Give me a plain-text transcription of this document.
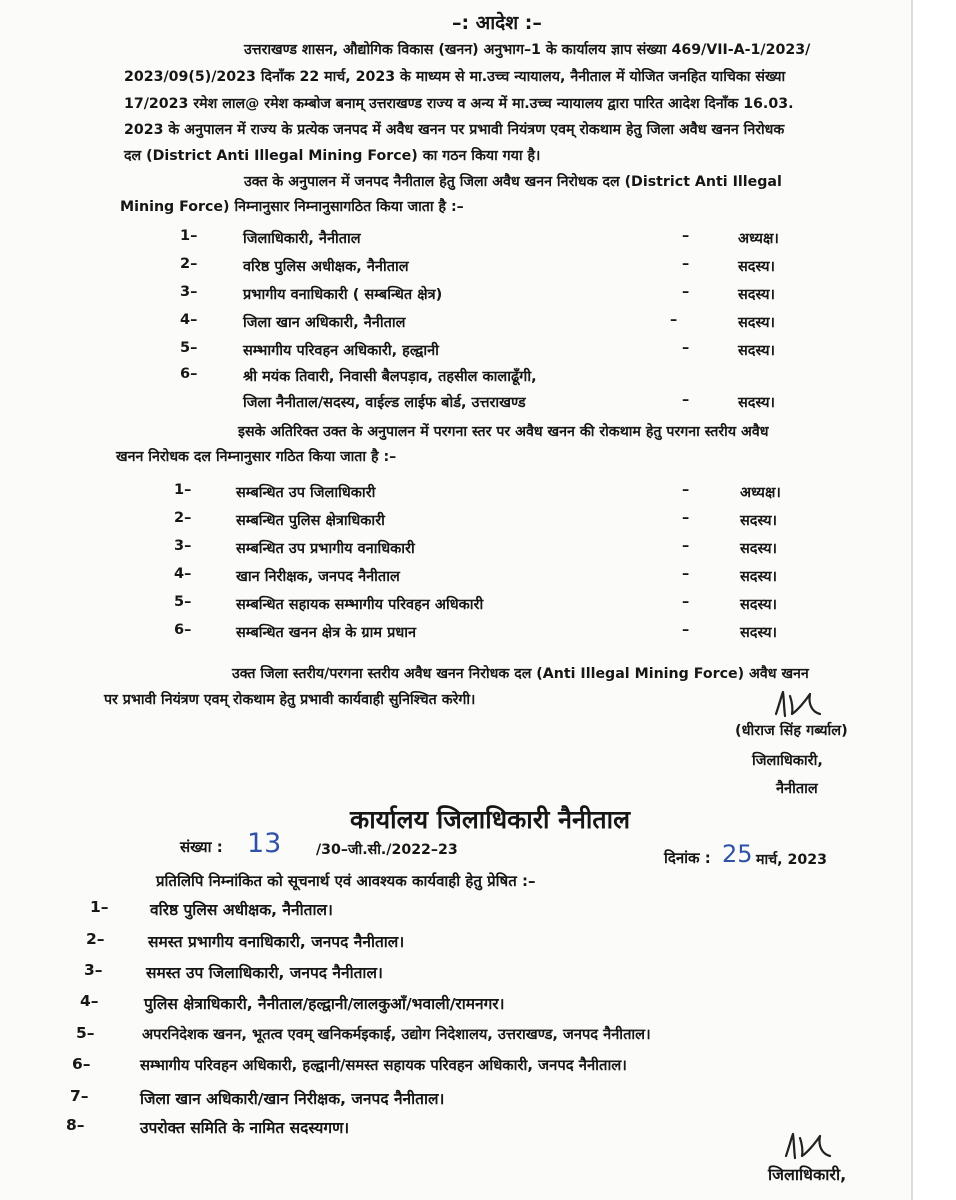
–: आदेश :–
उत्तराखण्ड शासन, औद्योगिक विकास (खनन) अनुभाग–1 के कार्यालय ज्ञाप संख्या 469/VII-A-1/2023/
2023/09(5)/2023 दिनाँक 22 मार्च, 2023 के माध्यम से मा.उच्च न्यायालय, नैनीताल में योजित जनहित याचिका संख्या
17/2023 रमेश लाल@ रमेश कम्बोज बनाम् उत्तराखण्ड राज्य व अन्य में मा.उच्च न्यायालय द्वारा पारित आदेश दिनाँक 16.03.
2023 के अनुपालन में राज्य के प्रत्येक जनपद में अवैध खनन पर प्रभावी नियंत्रण एवम् रोकथाम हेतु जिला अवैध खनन निरोधक
दल (District Anti Illegal Mining Force) का गठन किया गया है।
उक्त के अनुपालन में जनपद नैनीताल हेतु जिला अवैध खनन निरोधक दल (District Anti Illegal
Mining Force) निम्नानुसार निम्नानुसागठित किया जाता है :–
1–	जिलाधिकारी, नैनीताल	–	अध्यक्ष।
2–	वरिष्ठ पुलिस अधीक्षक, नैनीताल	–	सदस्य।
3–	प्रभागीय वनाधिकारी ( सम्बन्धित क्षेत्र)	–	सदस्य।
4–	जिला खान अधिकारी, नैनीताल	–	सदस्य।
5–	सम्भागीय परिवहन अधिकारी, हल्द्वानी	–	सदस्य।
6–	श्री मयंक तिवारी, निवासी बैलपड़ाव, तहसील कालाढूँगी,
जिला नैनीताल/सदस्य, वाईल्ड लाईफ बोर्ड, उत्तराखण्ड	–	सदस्य।
इसके अतिरिक्त उक्त के अनुपालन में परगना स्तर पर अवैध खनन की रोकथाम हेतु परगना स्तरीय अवैध
खनन निरोधक दल निम्नानुसार गठित किया जाता है :–
1–	सम्बन्धित उप जिलाधिकारी	–	अध्यक्ष।
2–	सम्बन्धित पुलिस क्षेत्राधिकारी	–	सदस्य।
3–	सम्बन्धित उप प्रभागीय वनाधिकारी	–	सदस्य।
4–	खान निरीक्षक, जनपद नैनीताल	–	सदस्य।
5–	सम्बन्धित सहायक सम्भागीय परिवहन अधिकारी	–	सदस्य।
6–	सम्बन्धित खनन क्षेत्र के ग्राम प्रधान	–	सदस्य।
उक्त जिला स्तरीय/परगना स्तरीय अवैध खनन निरोधक दल (Anti Illegal Mining Force) अवैध खनन
पर प्रभावी नियंत्रण एवम् रोकथाम हेतु प्रभावी कार्यवाही सुनिश्चित करेगी।
(धीराज सिंह गर्ब्याल)
जिलाधिकारी,
नैनीताल
कार्यालय जिलाधिकारी नैनीताल
संख्या : 13 /30–जी.सी./2022–23	दिनांक : 25 मार्च, 2023
प्रतिलिपि निम्नांकित को सूचनार्थ एवं आवश्यक कार्यवाही हेतु प्रेषित :–
1–	वरिष्ठ पुलिस अधीक्षक, नैनीताल।
2–	समस्त प्रभागीय वनाधिकारी, जनपद नैनीताल।
3–	समस्त उप जिलाधिकारी, जनपद नैनीताल।
4–	पुलिस क्षेत्राधिकारी, नैनीताल/हल्द्वानी/लालकुआँ/भवाली/रामनगर।
5–	अपरनिदेशक खनन, भूतत्व एवम् खनिकर्मइकाई, उद्योग निदेशालय, उत्तराखण्ड, जनपद नैनीताल।
6–	सम्भागीय परिवहन अधिकारी, हल्द्वानी/समस्त सहायक परिवहन अधिकारी, जनपद नैनीताल।
7–	जिला खान अधिकारी/खान निरीक्षक, जनपद नैनीताल।
8–	उपरोक्त समिति के नामित सदस्यगण।
जिलाधिकारी,
